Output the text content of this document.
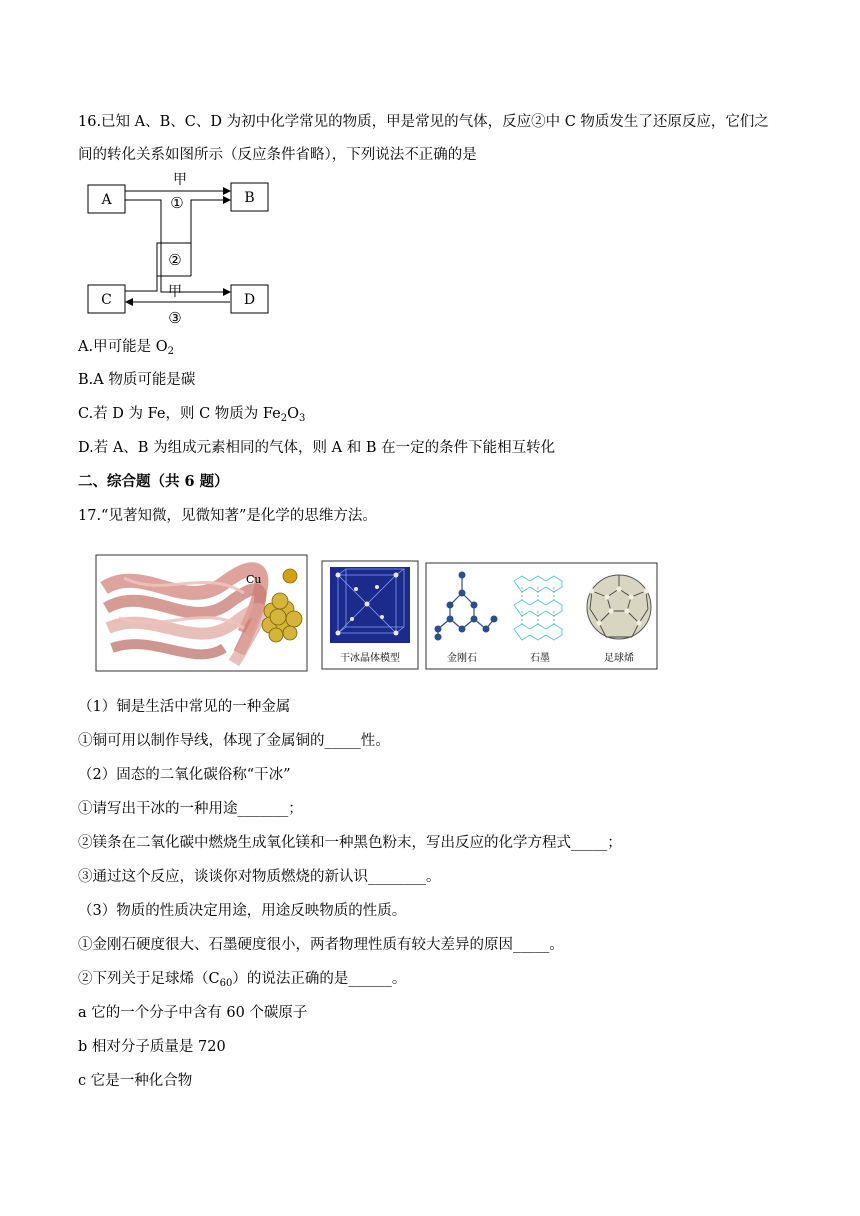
16.已知 A、B、C、D 为初中化学常见的物质，甲是常见的气体，反应②中 C 物质发生了还原反应，它们之
间的转化关系如图所示（反应条件省略），下列说法不正确的是
A	B
C	D
甲
①
②
甲
③
A.甲可能是 $O_2$
B.A 物质可能是碳
C.若 D 为 Fe，则 C 物质为 $Fe_2O_3$
D.若 A、B 为组成元素相同的气体，则 A 和 B 在一定的条件下能相互转化
二、综合题（共 6 题）
17.“见著知微，见微知著”是化学的思维方法。
Cu
干冰晶体模型	金刚石	石墨	足球烯
（1）铜是生活中常见的一种金属
①铜可用以制作导线，体现了金属铜的_____性。
（2）固态的二氧化碳俗称“干冰”
①请写出干冰的一种用途_______；
②镁条在二氧化碳中燃烧生成氧化镁和一种黑色粉末，写出反应的化学方程式_____；
③通过这个反应，谈谈你对物质燃烧的新认识________。
（3）物质的性质决定用途，用途反映物质的性质。
①金刚石硬度很大、石墨硬度很小，两者物理性质有较大差异的原因_____。
②下列关于足球烯$(C_{60})$的说法正确的是______。
a 它的一个分子中含有 60 个碳原子
b 相对分子质量是 720
c 它是一种化合物
